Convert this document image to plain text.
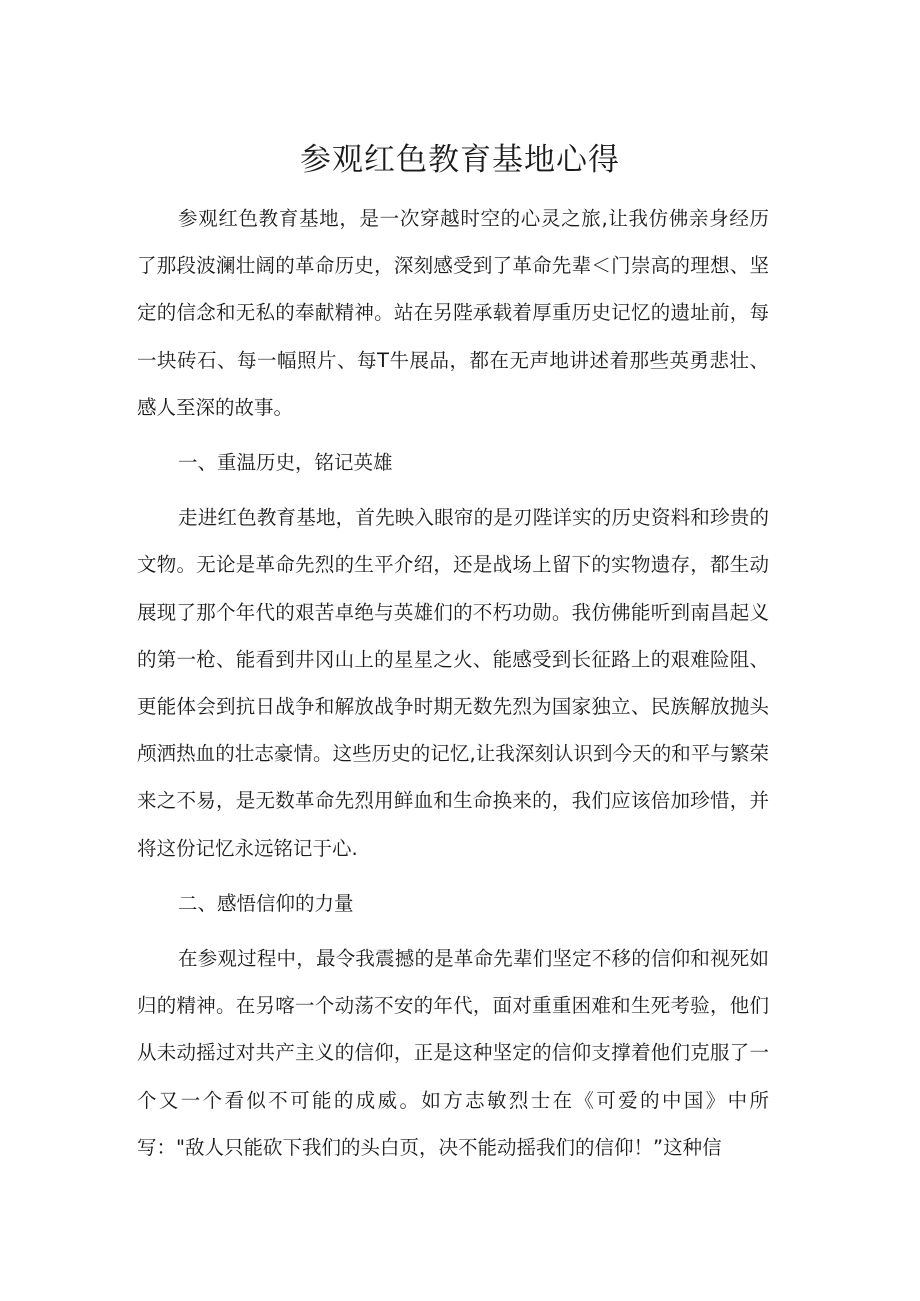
参观红色教育基地心得

参观红色教育基地，是一次穿越时空的心灵之旅,让我仿佛亲身经历了那段波澜壮阔的革命历史，深刻感受到了革命先辈＜门崇高的理想、坚定的信念和无私的奉献精神。站在另陛承载着厚重历史记忆的遗址前，每一块砖石、每一幅照片、每T牛展品，都在无声地讲述着那些英勇悲壮、感人至深的故事。

一、重温历史，铭记英雄

走进红色教育基地，首先映入眼帘的是刃陛详实的历史资料和珍贵的文物。无论是革命先烈的生平介绍，还是战场上留下的实物遗存，都生动展现了那个年代的艰苦卓绝与英雄们的不朽功勋。我仿佛能听到南昌起义的第一枪、能看到井冈山上的星星之火、能感受到长征路上的艰难险阻、更能体会到抗日战争和解放战争时期无数先烈为国家独立、民族解放抛头颅洒热血的壮志豪情。这些历史的记忆,让我深刻认识到今天的和平与繁荣来之不易，是无数革命先烈用鲜血和生命换来的，我们应该倍加珍惜，并将这份记忆永远铭记于心.

二、感悟信仰的力量

在参观过程中，最令我震撼的是革命先辈们坚定不移的信仰和视死如归的精神。在另喀一个动荡不安的年代，面对重重困难和生死考验，他们从未动摇过对共产主义的信仰，正是这种坚定的信仰支撑着他们克服了一个又一个看似不可能的成威。如方志敏烈士在《可爱的中国》中所写："敌人只能砍下我们的头白页，决不能动摇我们的信仰！”这种信
